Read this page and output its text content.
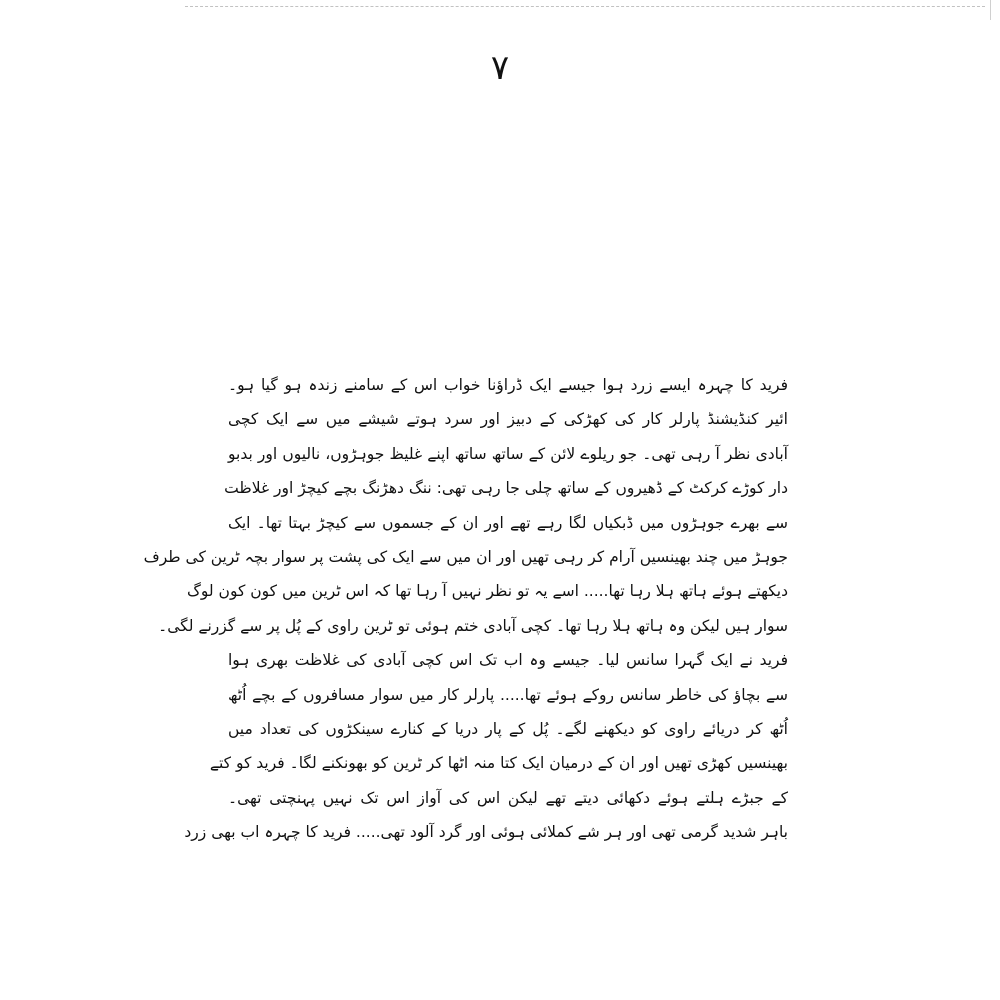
۷
فرید کا چہرہ ایسے زرد ہوا جیسے ایک ڈراؤنا خواب اس کے سامنے زندہ ہو گیا ہو۔
ائیر کنڈیشنڈ پارلر کار کی کھڑکی کے دبیز اور سرد ہوتے شیشے میں سے ایک کچی
آبادی نظر آ رہی تھی۔ جو ریلوے لائن کے ساتھ ساتھ اپنے غلیظ جوہڑوں، نالیوں اور بدبو
دار کوڑے کرکٹ کے ڈھیروں کے ساتھ چلی جا رہی تھی: ننگ دھڑنگ بچے کیچڑ اور غلاظت
سے بھرے جوہڑوں میں ڈبکیاں لگا رہے تھے اور ان کے جسموں سے کیچڑ بہتا تھا۔ ایک
جوہڑ میں چند بھینسیں آرام کر رہی تھیں اور ان میں سے ایک کی پشت پر سوار بچہ ٹرین کی طرف
دیکھتے ہوئے ہاتھ ہلا رہا تھا..... اسے یہ تو نظر نہیں آ رہا تھا کہ اس ٹرین میں کون کون لوگ
سوار ہیں لیکن وہ ہاتھ ہلا رہا تھا۔ کچی آبادی ختم ہوئی تو ٹرین راوی کے پُل پر سے گزرنے لگی۔
فرید نے ایک گہرا سانس لیا۔ جیسے وہ اب تک اس کچی آبادی کی غلاظت بھری ہوا
سے بچاؤ کی خاطر سانس روکے ہوئے تھا..... پارلر کار میں سوار مسافروں کے بچے اُٹھ
اُٹھ کر دریائے راوی کو دیکھنے لگے۔ پُل کے پار دریا کے کنارے سینکڑوں کی تعداد میں
بھینسیں کھڑی تھیں اور ان کے درمیان ایک کتا منہ اٹھا کر ٹرین کو بھونکنے لگا۔ فرید کو کتے
کے جبڑے ہلتے ہوئے دکھائی دیتے تھے لیکن اس کی آواز اس تک نہیں پہنچتی تھی۔
باہر شدید گرمی تھی اور ہر شے کملائی ہوئی اور گرد آلود تھی..... فرید کا چہرہ اب بھی زرد
